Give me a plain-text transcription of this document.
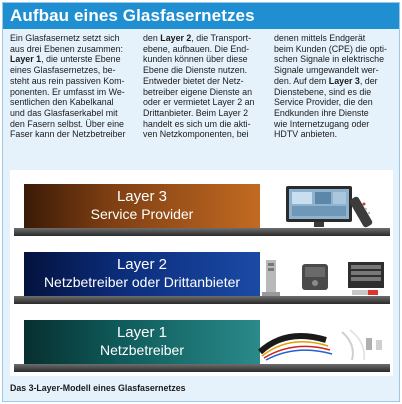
Aufbau eines Glasfasernetzes

Ein Glasfasernetz setzt sich
aus drei Ebenen zusammen:
Layer 1, die unterste Ebene
eines Glasfasernetzes, be-
steht aus rein passiven Kom-
ponenten. Er umfasst im We-
sentlichen den Kabelkanal
und das Glasfaserkabel mit
den Fasern selbst. Über eine
Faser kann der Netzbetreiber

den Layer 2, die Transport-
ebene, aufbauen. Die End-
kunden können über diese
Ebene die Dienste nutzen.
Entweder bietet der Netz-
betreiber eigene Dienste an
oder er vermietet Layer 2 an
Drittanbieter. Beim Layer 2
handelt es sich um die akti-
ven Netzkomponenten, bei

denen mittels Endgerät
beim Kunden (CPE) die opti-
schen Signale in elektrische
Signale umgewandelt wer-
den. Auf dem Layer 3, der
Dienstebene, sind es die
Service Provider, die den
Endkunden ihre Dienste
wie Internetzugang oder
HDTV anbieten.

Layer 3
Service Provider
Layer 2
Netzbetreiber oder Drittanbieter
Layer 1
Netzbetreiber
Das 3-Layer-Modell eines Glasfasernetzes
